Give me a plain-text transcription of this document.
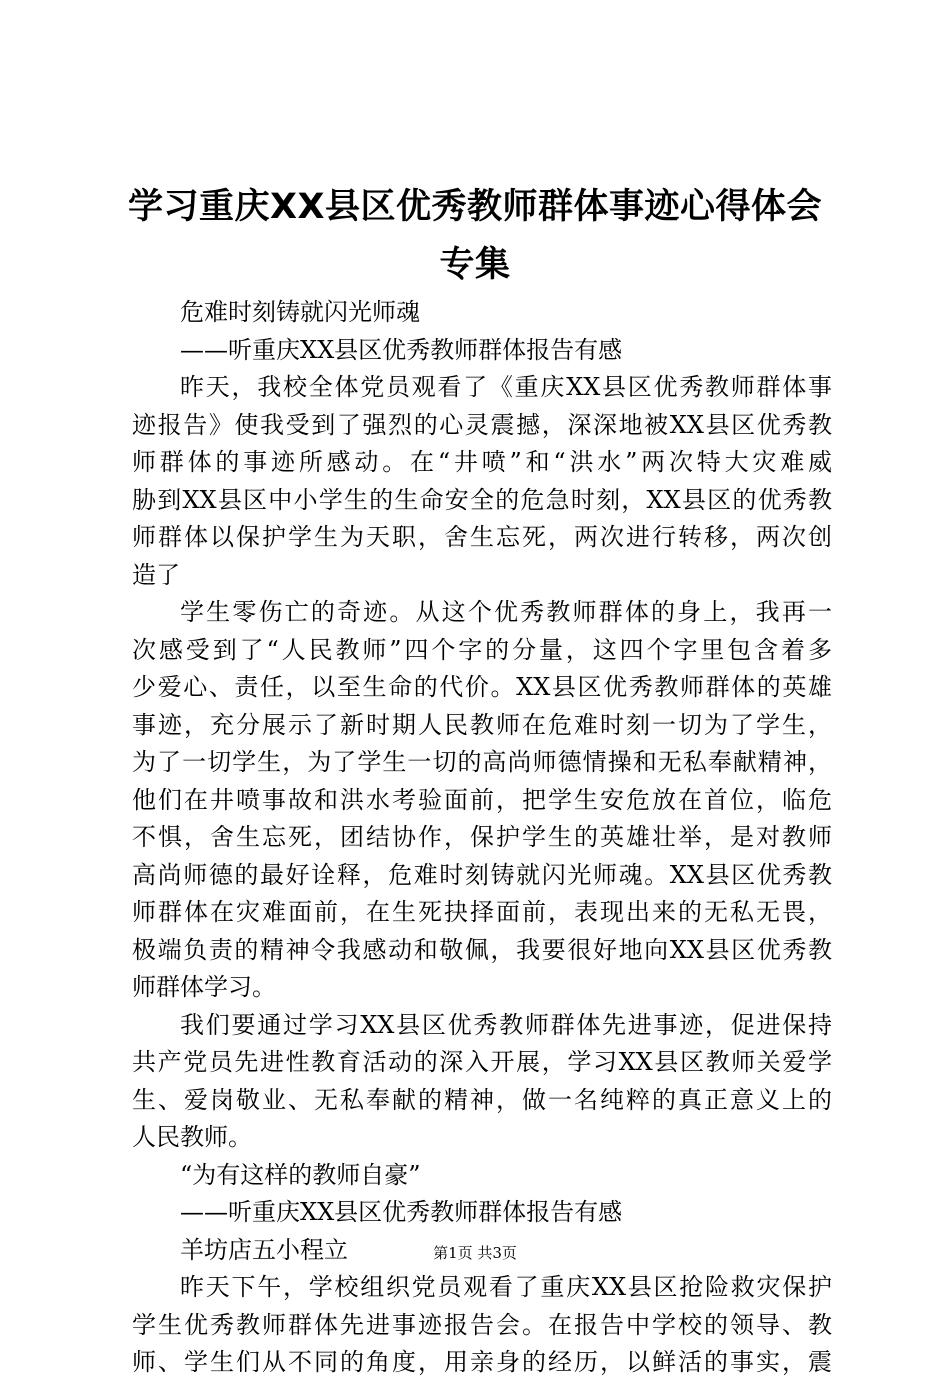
学习重庆XX县区优秀教师群体事迹心得体会
专集
危难时刻铸就闪光师魂
——听重庆XX县区优秀教师群体报告有感
昨天，我校全体党员观看了《重庆XX县区优秀教师群体事
迹报告》使我受到了强烈的心灵震撼，深深地被XX县区优秀教
师群体的事迹所感动。在“井喷”和“洪水”两次特大灾难威
胁到XX县区中小学生的生命安全的危急时刻，XX县区的优秀教
师群体以保护学生为天职，舍生忘死，两次进行转移，两次创
造了
学生零伤亡的奇迹。从这个优秀教师群体的身上，我再一
次感受到了“人民教师”四个字的分量，这四个字里包含着多
少爱心、责任，以至生命的代价。XX县区优秀教师群体的英雄
事迹，充分展示了新时期人民教师在危难时刻一切为了学生，
为了一切学生，为了学生一切的高尚师德情操和无私奉献精神，
他们在井喷事故和洪水考验面前，把学生安危放在首位，临危
不惧，舍生忘死，团结协作，保护学生的英雄壮举，是对教师
高尚师德的最好诠释，危难时刻铸就闪光师魂。XX县区优秀教
师群体在灾难面前，在生死抉择面前，表现出来的无私无畏，
极端负责的精神令我感动和敬佩，我要很好地向XX县区优秀教
师群体学习。
我们要通过学习XX县区优秀教师群体先进事迹，促进保持
共产党员先进性教育活动的深入开展，学习XX县区教师关爱学
生、爱岗敬业、无私奉献的精神，做一名纯粹的真正意义上的
人民教师。
“为有这样的教师自豪”
——听重庆XX县区优秀教师群体报告有感
羊坊店五小程立
昨天下午，学校组织党员观看了重庆XX县区抢险救灾保护
学生优秀教师群体先进事迹报告会。在报告中学校的领导、教
师、学生们从不同的角度，用亲身的经历，以鲜活的事实，震
第1页 共3页
